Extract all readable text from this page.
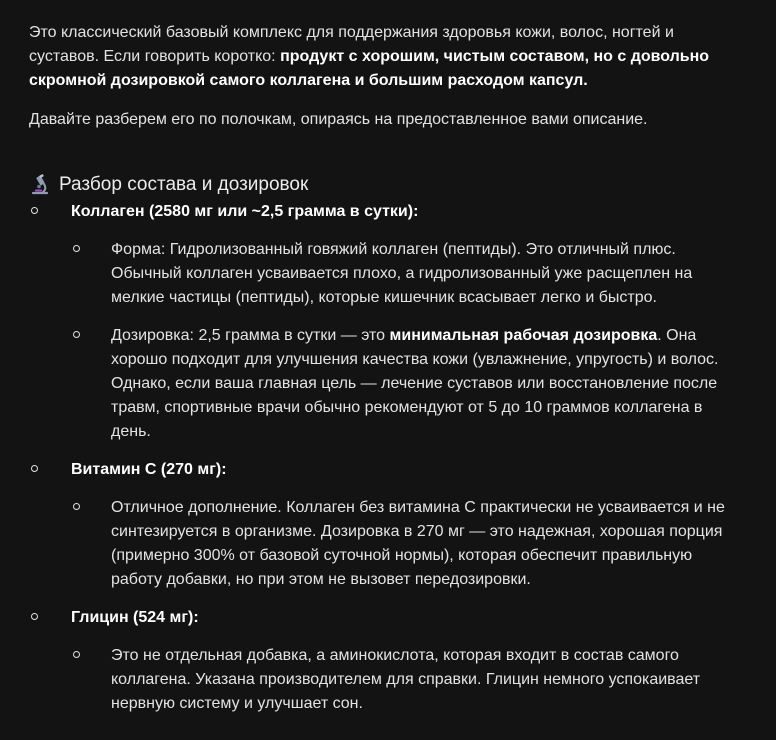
Это классический базовый комплекс для поддержания здоровья кожи, волос, ногтей и суставов. Если говорить коротко: продукт с хорошим, чистым составом, но с довольно скромной дозировкой самого коллагена и большим расходом капсул.

Давайте разберем его по полочкам, опираясь на предоставленное вами описание.

Разбор состава и дозировок
Коллаген (2580 мг или ~2,5 грамма в сутки):
Форма: Гидролизованный говяжий коллаген (пептиды). Это отличный плюс. Обычный коллаген усваивается плохо, а гидролизованный уже расщеплен на мелкие частицы (пептиды), которые кишечник всасывает легко и быстро.
Дозировка: 2,5 грамма в сутки — это минимальная рабочая дозировка. Она хорошо подходит для улучшения качества кожи (увлажнение, упругость) и волос. Однако, если ваша главная цель — лечение суставов или восстановление после травм, спортивные врачи обычно рекомендуют от 5 до 10 граммов коллагена в день.
Витамин С (270 мг):
Отличное дополнение. Коллаген без витамина С практически не усваивается и не синтезируется в организме. Дозировка в 270 мг — это надежная, хорошая порция (примерно 300% от базовой суточной нормы), которая обеспечит правильную работу добавки, но при этом не вызовет передозировки.
Глицин (524 мг):
Это не отдельная добавка, а аминокислота, которая входит в состав самого коллагена. Указана производителем для справки. Глицин немного успокаивает нервную систему и улучшает сон.
